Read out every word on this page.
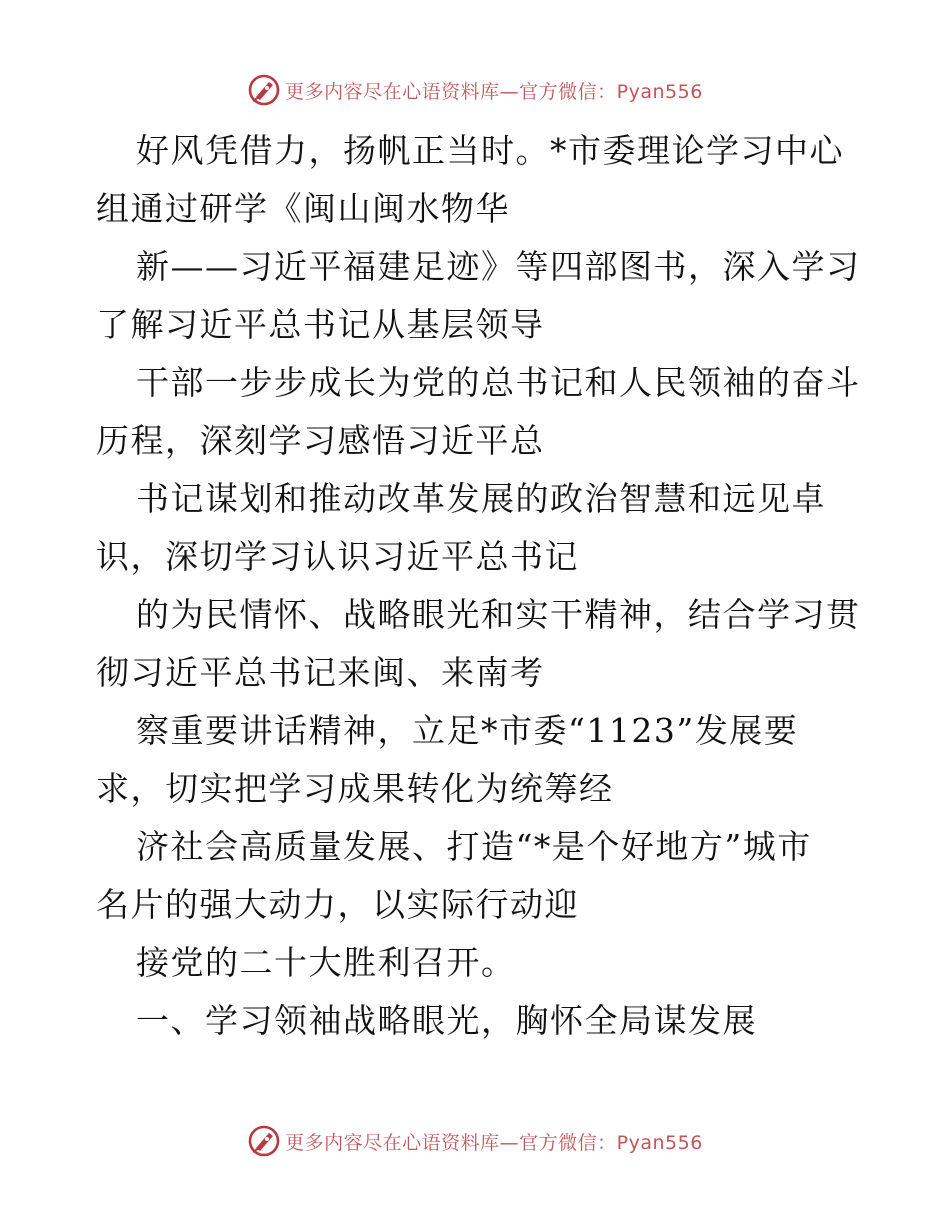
更多内容尽在心语资料库—官方微信：Pyan556
好风凭借力，扬帆正当时。*市委理论学习中心
组通过研学《闽山闽水物华
新——习近平福建足迹》等四部图书，深入学习
了解习近平总书记从基层领导
干部一步步成长为党的总书记和人民领袖的奋斗
历程，深刻学习感悟习近平总
书记谋划和推动改革发展的政治智慧和远见卓
识，深切学习认识习近平总书记
的为民情怀、战略眼光和实干精神，结合学习贯
彻习近平总书记来闽、来南考
察重要讲话精神，立足*市委“1123”发展要
求，切实把学习成果转化为统筹经
济社会高质量发展、打造“*是个好地方”城市
名片的强大动力，以实际行动迎
接党的二十大胜利召开。
一、学习领袖战略眼光，胸怀全局谋发展
更多内容尽在心语资料库—官方微信：Pyan556
